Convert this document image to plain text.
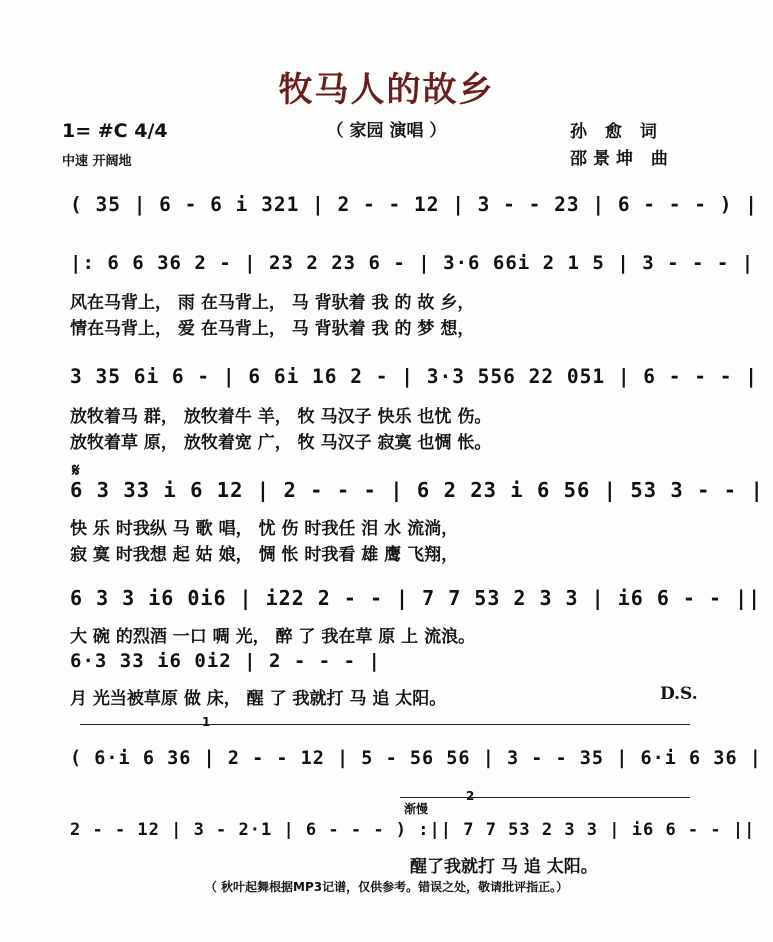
牧马人的故乡
（ 家园 演唱 ）
1= #C 4/4
中速 开阔地
孙 愈 词
邵景坤 曲
( 35 | 6 - 6 i 321 | 2 - - 12 | 3 - - 23 | 6 - - - ) |
|: 6 6 36 2 - | 23 2 23 6 - | 3·6 66i 2 1 5 | 3 - - - |
风在马背上， 雨 在马背上， 马 背驮着 我 的 故 乡，
情在马背上， 爱 在马背上， 马 背驮着 我 的 梦 想，
3 35 6i 6 - | 6 6i 16 2 - | 3·3 556 22 051 | 6 - - - |
放牧着马 群， 放牧着牛 羊， 牧 马汉子 快乐 也忧 伤。
放牧着草 原， 放牧着宽 广， 牧 马汉子 寂寞 也惆 怅。
𝄋
6 3 33 i 6 12 | 2 - - - | 6 2 23 i 6 56 | 53 3 - - |
快 乐 时我纵 马 歌 唱， 忧 伤 时我任 泪 水 流淌，
寂 寞 时我想 起 姑 娘， 惆 怅 时我看 雄 鹰 飞翔，
6 3 3 i6 0i6 | i22 2 - - | 7 7 53 2 3 3 | i6 6 - - ||
大 碗 的烈酒 一口 啁 光， 醉 了 我在草 原 上 流浪。
6·3 33 i6 0i2 | 2 - - - |
月 光当被草原 做 床， 醒 了 我就打 马 追 太阳。	D.S.
1
( 6·i 6 36 | 2 - - 12 | 5 - 56 56 | 3 - - 35 | 6·i 6 36 |
2
渐慢
2 - - 12 | 3 - 2·1 | 6 - - - ) :|| 7 7 53 2 3 3 | i6 6 - - ||
醒了我就打 马 追 太阳。
（ 秋叶起舞根据MP3记谱，仅供参考。错误之处，敬请批评指正。）
